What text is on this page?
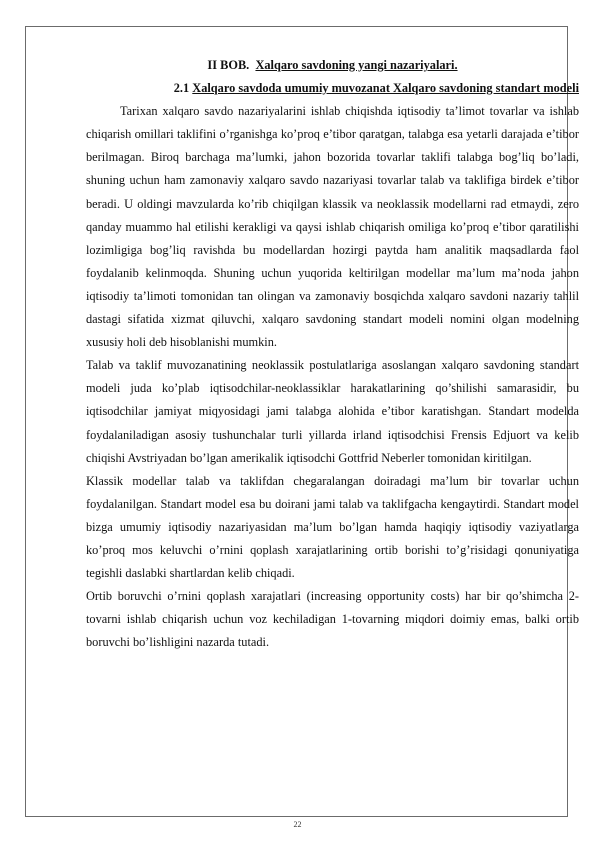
II BOB. Xalqaro savdoning yangi nazariyalari.
2.1 Xalqaro savdoda umumiy muvozanat Xalqaro savdoning standart modeli

Tarixan xalqaro savdo nazariyalarini ishlab chiqishda iqtisodiy ta’limot tovarlar va ishlab chiqarish omillari taklifini o’rganishga ko’proq e’tibor qaratgan, talabga esa yetarli darajada e’tibor berilmagan. Biroq barchaga ma’lumki, jahon bozorida tovarlar taklifi talabga bog’liq bo’ladi, shuning uchun ham zamonaviy xalqaro savdo nazariyasi tovarlar talab va taklifiga birdek e’tibor beradi. U oldingi mavzularda ko’rib chiqilgan klassik va neoklassik modellarni rad etmaydi, zero qanday muammo hal etilishi kerakligi va qaysi ishlab chiqarish omiliga ko’proq e’tibor qaratilishi lozimligiga bog’liq ravishda bu modellardan hozirgi paytda ham analitik maqsadlarda faol foydalanib kelinmoqda. Shuning uchun yuqorida keltirilgan modellar ma’lum ma’noda jahon iqtisodiy ta’limoti tomonidan tan olingan va zamonaviy bosqichda xalqaro savdoni nazariy tahlil dastagi sifatida xizmat qiluvchi, xalqaro savdoning standart modeli nomini olgan modelning xususiy holi deb hisoblanishi mumkin.

Talab va taklif muvozanatining neoklassik postulatlariga asoslangan xalqaro savdoning standart modeli juda ko’plab iqtisodchilar-neoklassiklar harakatlarining qo’shilishi samarasidir, bu iqtisodchilar jamiyat miqyosidagi jami talabga alohida e’tibor karatishgan. Standart modelda foydalaniladigan asosiy tushunchalar turli yillarda irland iqtisodchisi Frensis Edjuort va kelib chiqishi Avstriyadan bo’lgan amerikalik iqtisodchi Gottfrid Neberler tomonidan kiritilgan.

Klassik modellar talab va taklifdan chegaralangan doiradagi ma’lum bir tovarlar uchun foydalanilgan. Standart model esa bu doirani jami talab va taklifgacha kengaytirdi. Standart model bizga umumiy iqtisodiy nazariyasidan ma’lum bo’lgan hamda haqiqiy iqtisodiy vaziyatlarga ko’proq mos keluvchi o’rnini qoplash xarajatlarining ortib borishi to’g’risidagi qonuniyatiga tegishli daslabki shartlardan kelib chiqadi.

Ortib boruvchi o’rnini qoplash xarajatlari (increasing opportunity costs) har bir qo’shimcha 2-tovarni ishlab chiqarish uchun voz kechiladigan 1-tovarning miqdori doimiy emas, balki ortib boruvchi bo’lishligini nazarda tutadi.

22
